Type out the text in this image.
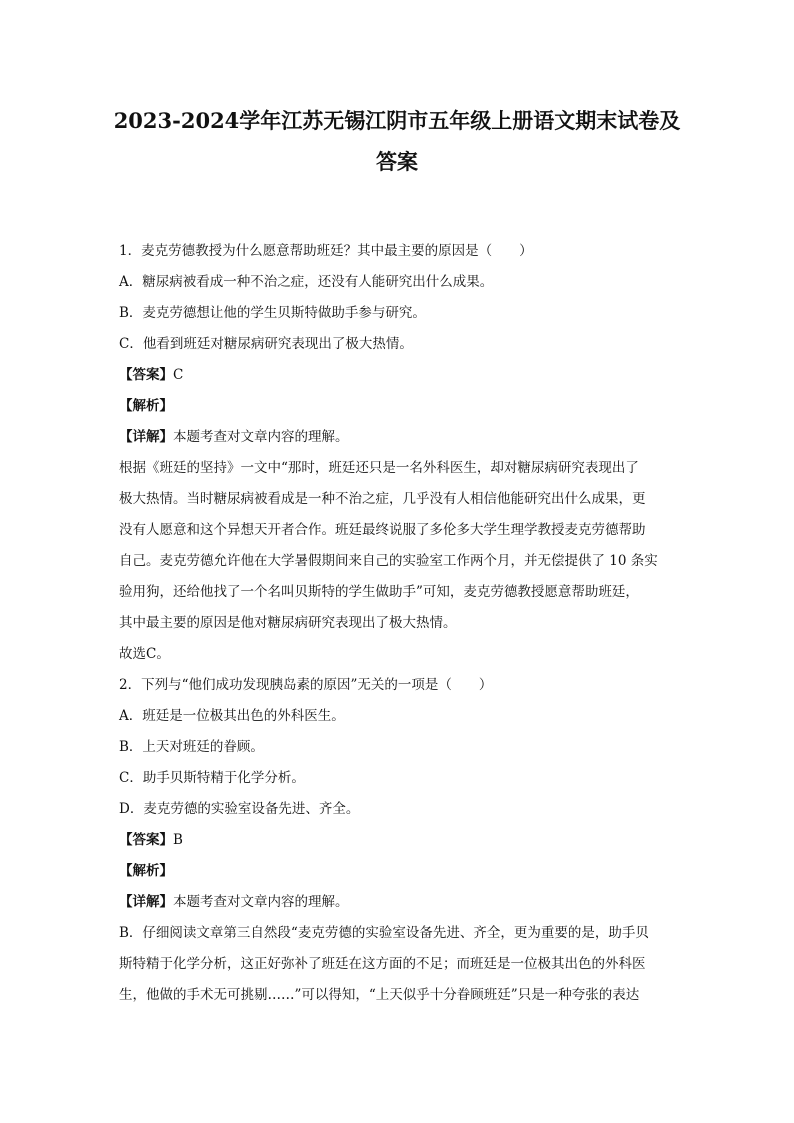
2023-2024学年江苏无锡江阴市五年级上册语文期末试卷及
答案

1．麦克劳德教授为什么愿意帮助班廷？其中最主要的原因是（　　）

A．糖尿病被看成一种不治之症，还没有人能研究出什么成果。

B．麦克劳德想让他的学生贝斯特做助手参与研究。

C．他看到班廷对糖尿病研究表现出了极大热情。

【答案】C

【解析】

【详解】本题考查对文章内容的理解。

根据《班廷的坚持》一文中“那时，班廷还只是一名外科医生，却对糖尿病研究表现出了

极大热情。当时糖尿病被看成是一种不治之症，几乎没有人相信他能研究出什么成果，更

没有人愿意和这个异想天开者合作。班廷最终说服了多伦多大学生理学教授麦克劳德帮助

自己。麦克劳德允许他在大学暑假期间来自己的实验室工作两个月，并无偿提供了 10 条实

验用狗，还给他找了一个名叫贝斯特的学生做助手”可知，麦克劳德教授愿意帮助班廷，

其中最主要的原因是他对糖尿病研究表现出了极大热情。

故选C。

2．下列与“他们成功发现胰岛素的原因”无关的一项是（　　）

A．班廷是一位极其出色的外科医生。

B．上天对班廷的眷顾。

C．助手贝斯特精于化学分析。

D．麦克劳德的实验室设备先进、齐全。

【答案】B

【解析】

【详解】本题考查对文章内容的理解。

B．仔细阅读文章第三自然段“麦克劳德的实验室设备先进、齐全，更为重要的是，助手贝

斯特精于化学分析，这正好弥补了班廷在这方面的不足；而班廷是一位极其出色的外科医

生，他做的手术无可挑剔……”可以得知，“上天似乎十分眷顾班廷”只是一种夸张的表达
